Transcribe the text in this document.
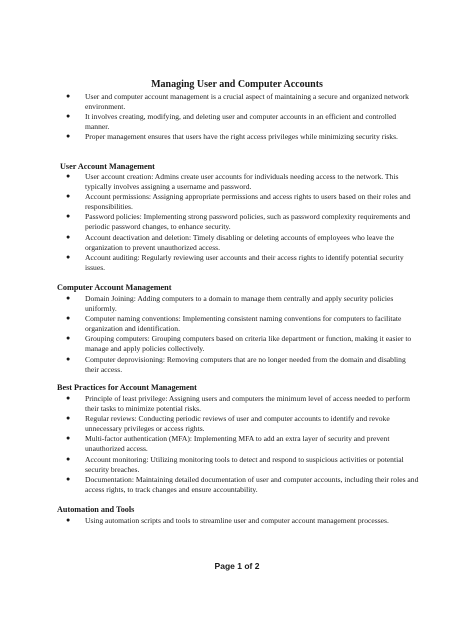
Managing User and Computer Accounts
● User and computer account management is a crucial aspect of maintaining a secure and organized network environment.
● It involves creating, modifying, and deleting user and computer accounts in an efficient and controlled manner.
● Proper management ensures that users have the right access privileges while minimizing security risks.
User Account Management
● User account creation: Admins create user accounts for individuals needing access to the network. This typically involves assigning a username and password.
● Account permissions: Assigning appropriate permissions and access rights to users based on their roles and responsibilities.
● Password policies: Implementing strong password policies, such as password complexity requirements and periodic password changes, to enhance security.
● Account deactivation and deletion: Timely disabling or deleting accounts of employees who leave the organization to prevent unauthorized access.
● Account auditing: Regularly reviewing user accounts and their access rights to identify potential security issues.
Computer Account Management
● Domain Joining: Adding computers to a domain to manage them centrally and apply security policies uniformly.
● Computer naming conventions: Implementing consistent naming conventions for computers to facilitate organization and identification.
● Grouping computers: Grouping computers based on criteria like department or function, making it easier to manage and apply policies collectively.
● Computer deprovisioning: Removing computers that are no longer needed from the domain and disabling their access.
Best Practices for Account Management
● Principle of least privilege: Assigning users and computers the minimum level of access needed to perform their tasks to minimize potential risks.
● Regular reviews: Conducting periodic reviews of user and computer accounts to identify and revoke unnecessary privileges or access rights.
● Multi-factor authentication (MFA): Implementing MFA to add an extra layer of security and prevent unauthorized access.
● Account monitoring: Utilizing monitoring tools to detect and respond to suspicious activities or potential security breaches.
● Documentation: Maintaining detailed documentation of user and computer accounts, including their roles and access rights, to track changes and ensure accountability.
Automation and Tools
● Using automation scripts and tools to streamline user and computer account management processes.
Page 1 of 2
